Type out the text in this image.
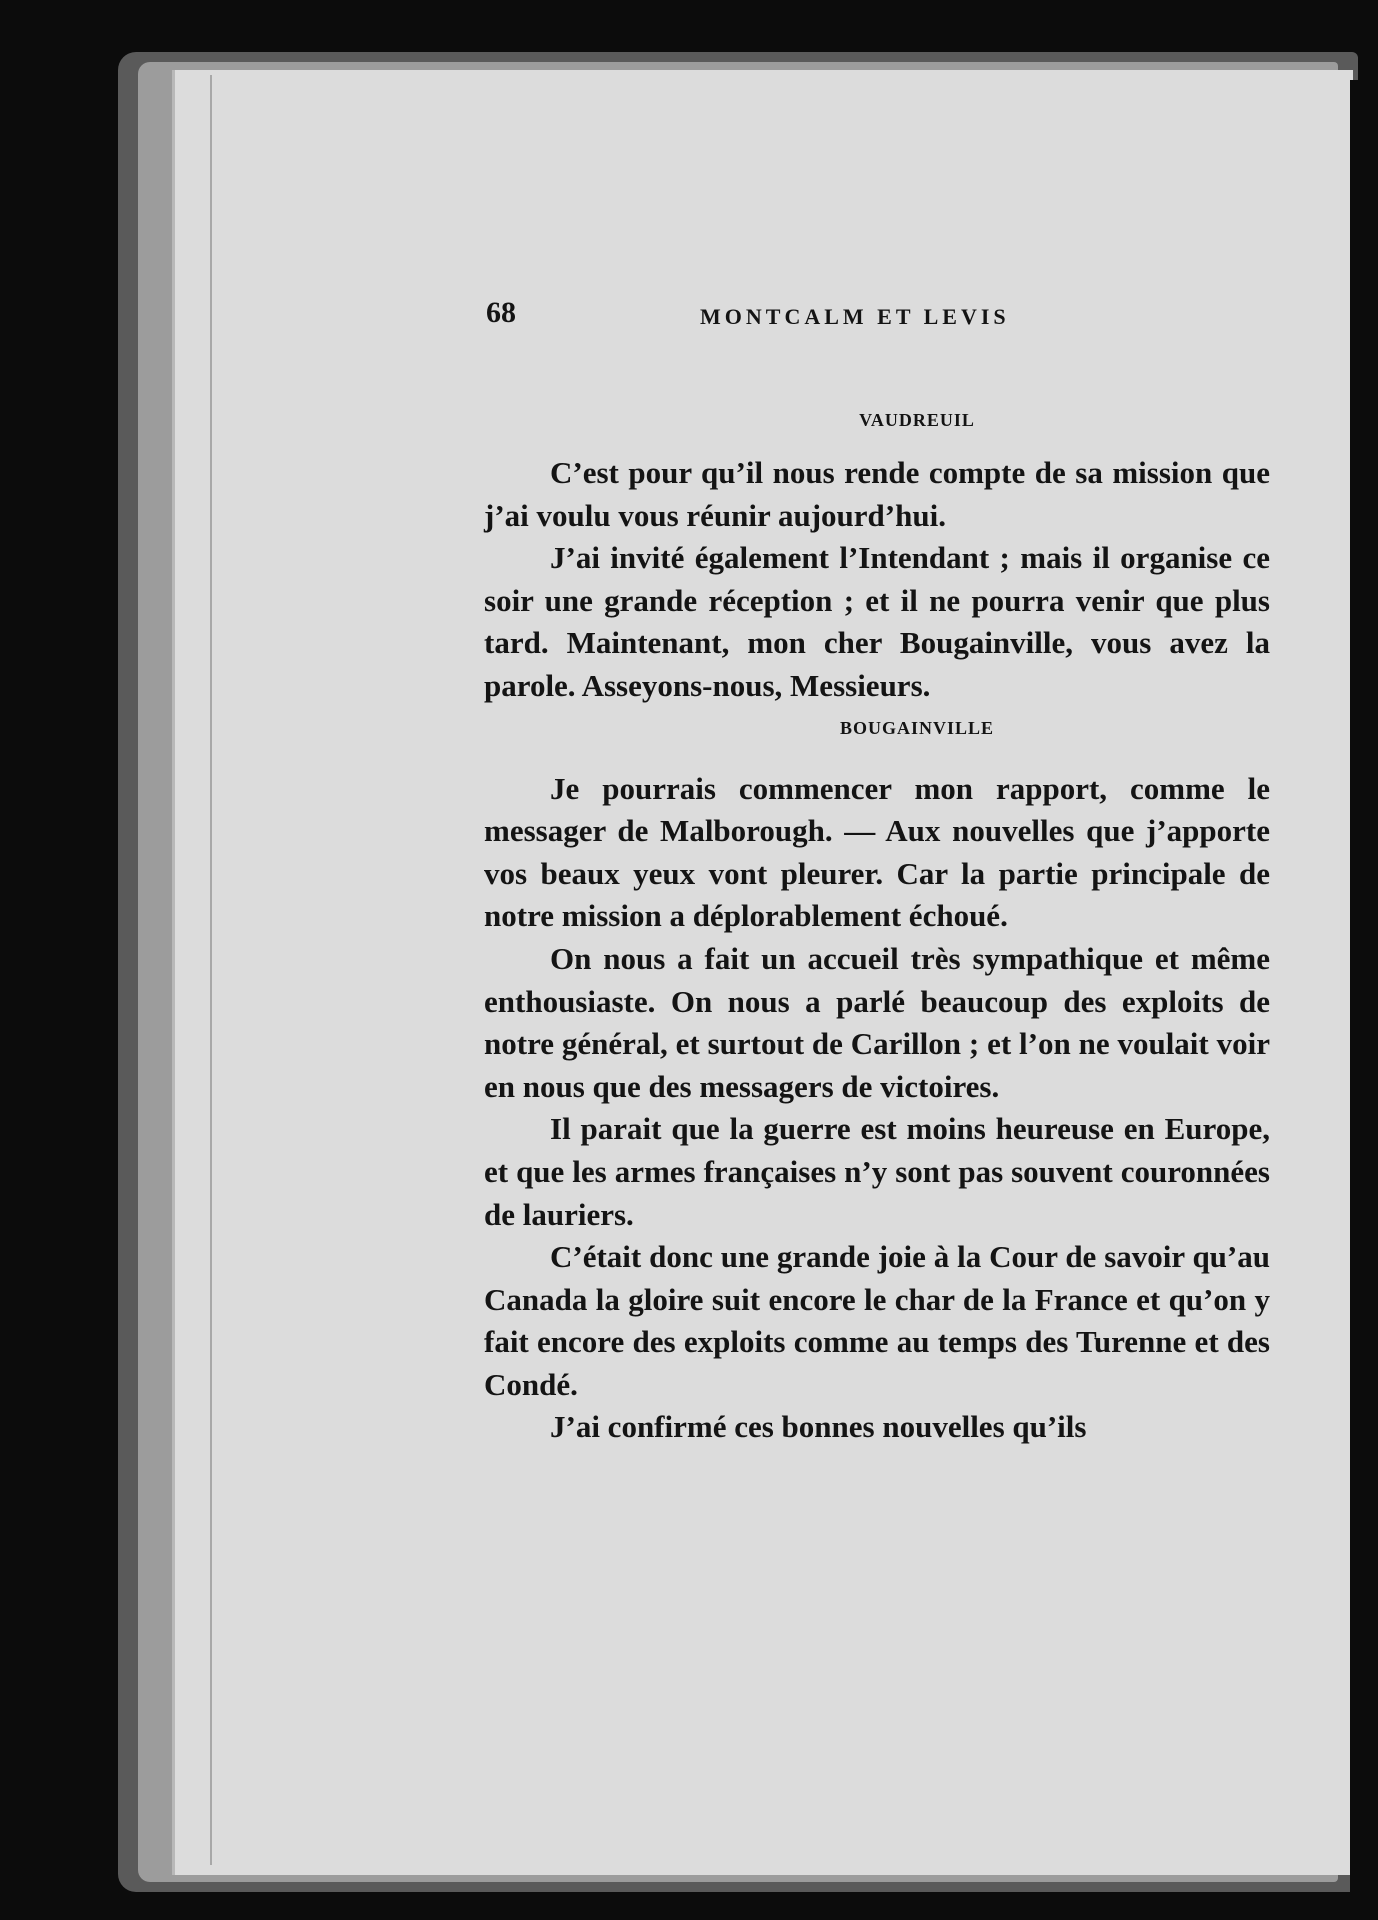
68	MONTCALM ET LEVIS

VAUDREUIL

C’est pour qu’il nous rende compte de sa mission que j’ai voulu vous réunir aujourd’hui.

J’ai invité également l’Intendant ; mais il organise ce soir une grande réception ; et il ne pourra venir que plus tard. Maintenant, mon cher Bougainville, vous avez la parole. Asseyons-nous, Messieurs.

BOUGAINVILLE

Je pourrais commencer mon rapport, comme le messager de Malborough. — Aux nouvelles que j’apporte vos beaux yeux vont pleurer. Car la partie principale de notre mission a déplorablement échoué.

On nous a fait un accueil très sympathique et même enthousiaste. On nous a parlé beaucoup des exploits de notre général, et surtout de Carillon ; et l’on ne voulait voir en nous que des messagers de victoires.

Il parait que la guerre est moins heureuse en Europe, et que les armes françaises n’y sont pas souvent couronnées de lauriers.

C’était donc une grande joie à la Cour de savoir qu’au Canada la gloire suit encore le char de la France et qu’on y fait encore des exploits comme au temps des Turenne et des Condé.

J’ai confirmé ces bonnes nouvelles qu’ils
